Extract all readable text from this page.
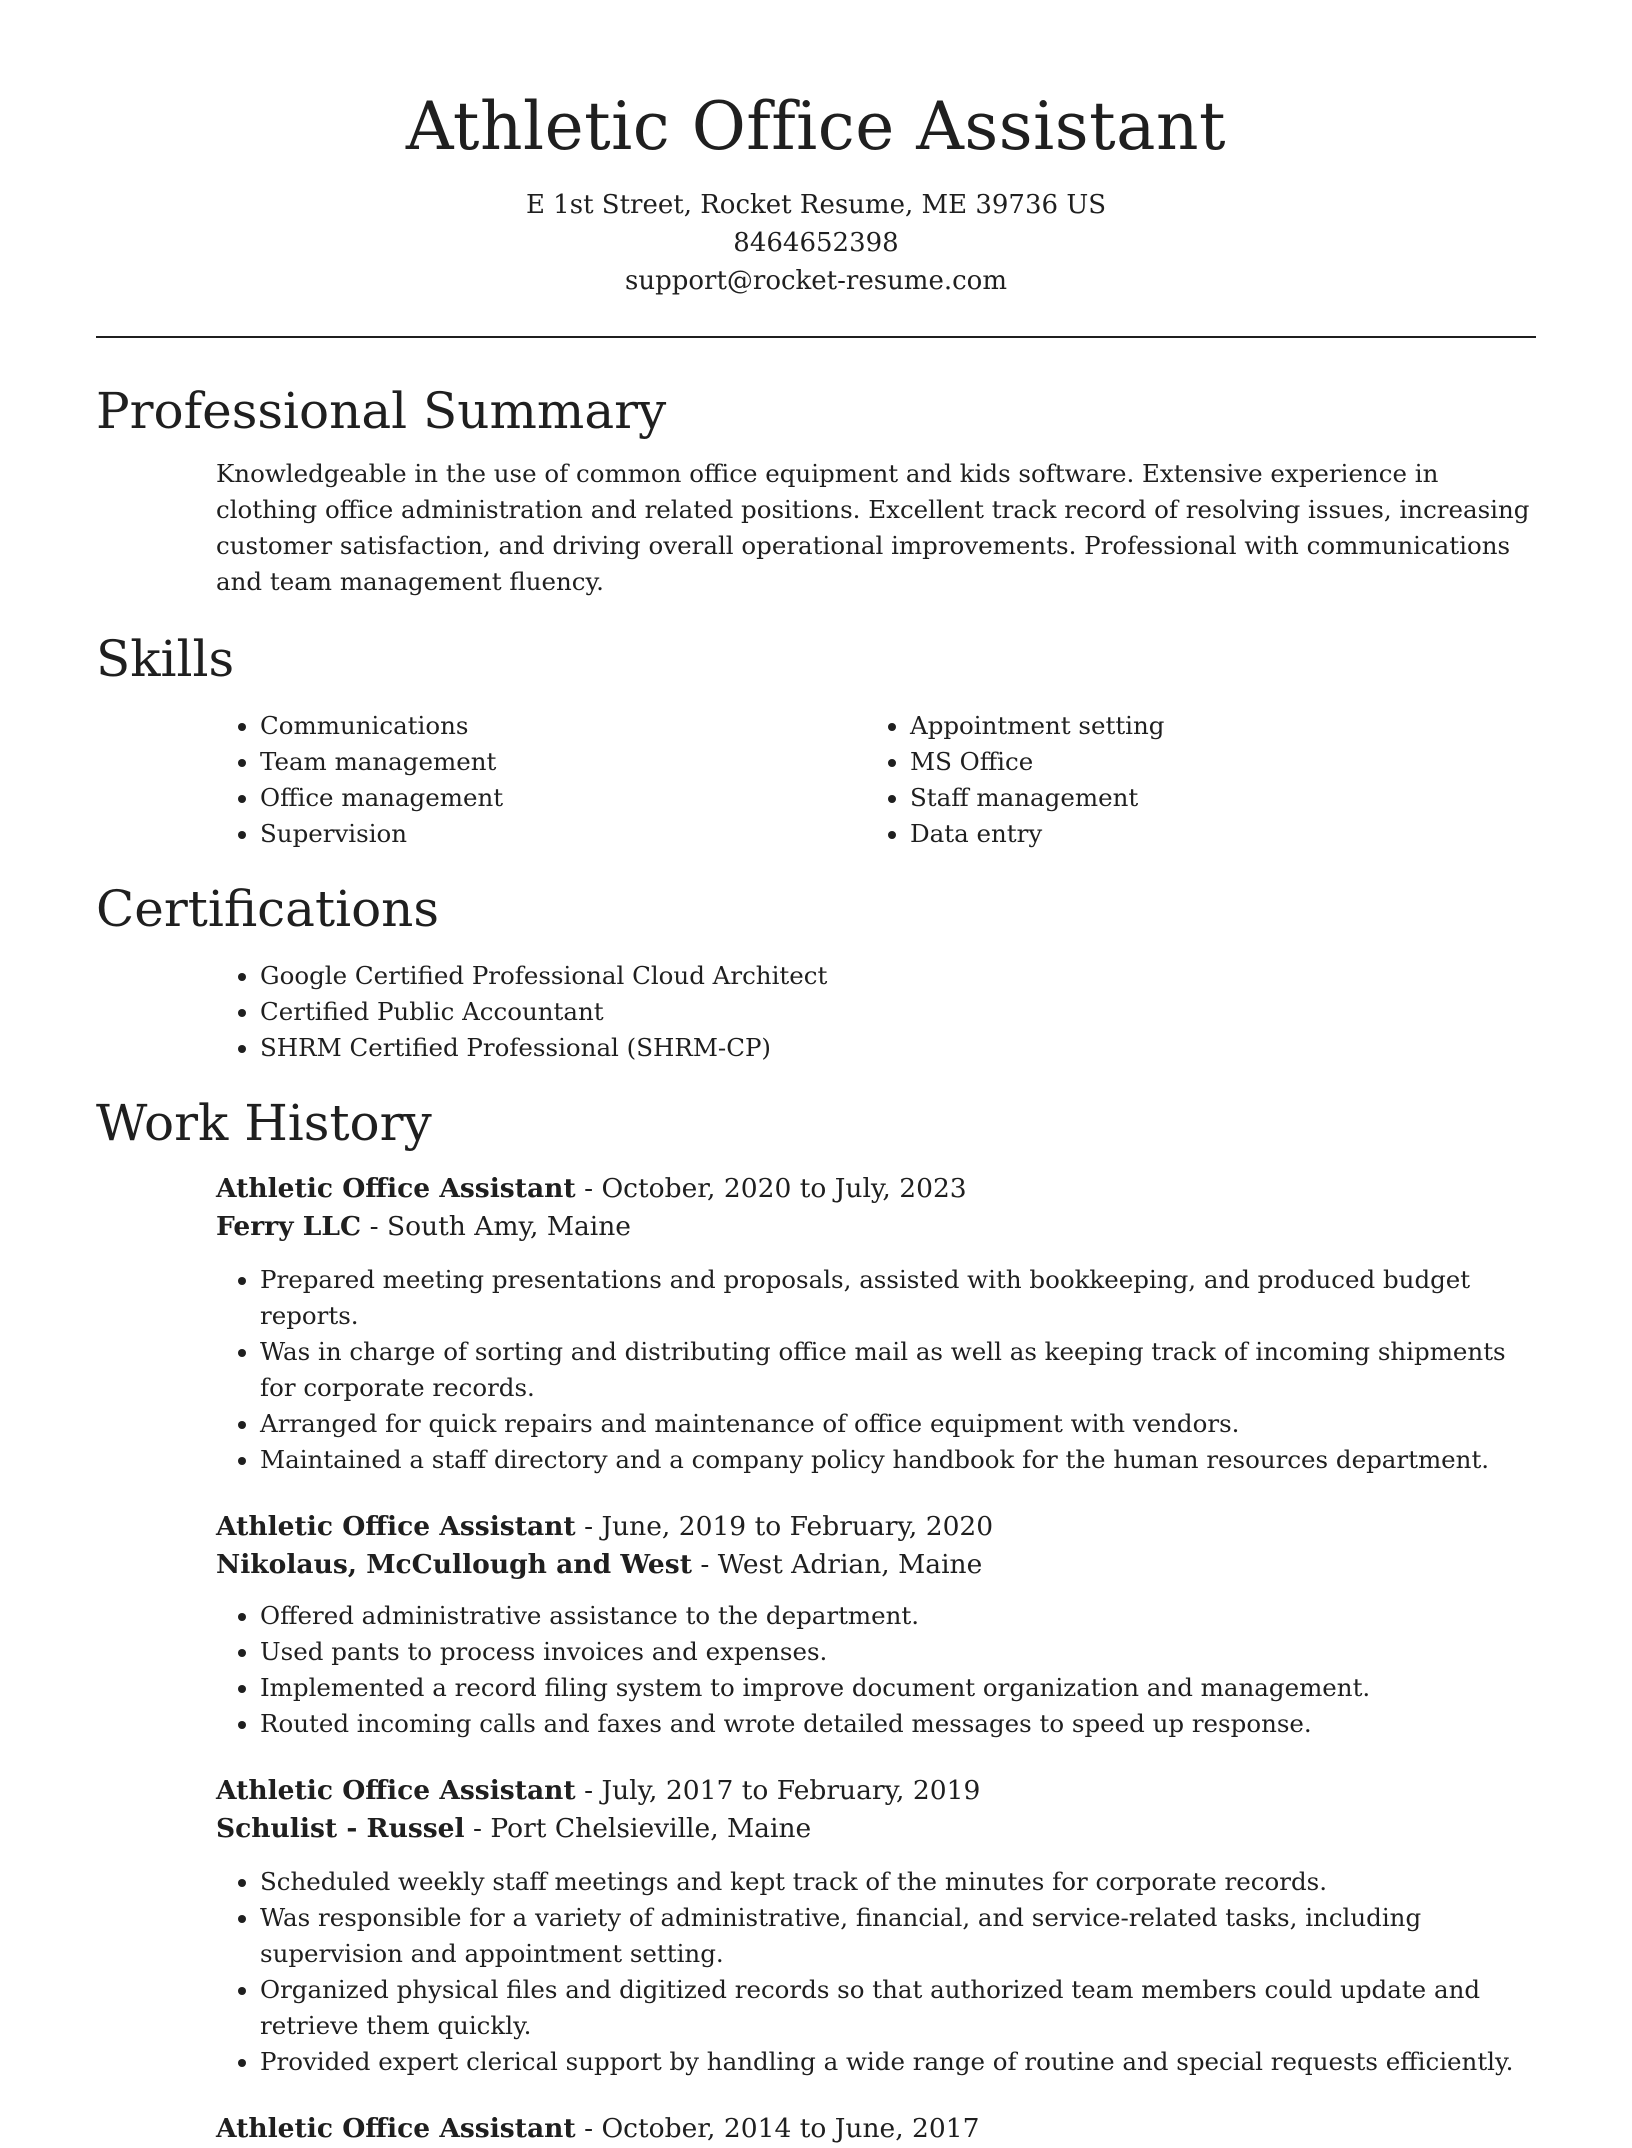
Athletic Office Assistant
E 1st Street, Rocket Resume, ME 39736 US
8464652398
support@rocket-resume.com
Professional Summary
Knowledgeable in the use of common office equipment and kids software. Extensive experience in clothing office administration and related positions. Excellent track record of resolving issues, increasing customer satisfaction, and driving overall operational improvements. Professional with communications and team management fluency.
Skills
• Communications
• Team management
• Office management
• Supervision
• Appointment setting
• MS Office
• Staff management
• Data entry
Certifications
• Google Certified Professional Cloud Architect
• Certified Public Accountant
• SHRM Certified Professional (SHRM-CP)
Work History
Athletic Office Assistant - October, 2020 to July, 2023
Ferry LLC - South Amy, Maine
• Prepared meeting presentations and proposals, assisted with bookkeeping, and produced budget reports.
• Was in charge of sorting and distributing office mail as well as keeping track of incoming shipments for corporate records.
• Arranged for quick repairs and maintenance of office equipment with vendors.
• Maintained a staff directory and a company policy handbook for the human resources department.
Athletic Office Assistant - June, 2019 to February, 2020
Nikolaus, McCullough and West - West Adrian, Maine
• Offered administrative assistance to the department.
• Used pants to process invoices and expenses.
• Implemented a record filing system to improve document organization and management.
• Routed incoming calls and faxes and wrote detailed messages to speed up response.
Athletic Office Assistant - July, 2017 to February, 2019
Schulist - Russel - Port Chelsieville, Maine
• Scheduled weekly staff meetings and kept track of the minutes for corporate records.
• Was responsible for a variety of administrative, financial, and service-related tasks, including supervision and appointment setting.
• Organized physical files and digitized records so that authorized team members could update and retrieve them quickly.
• Provided expert clerical support by handling a wide range of routine and special requests efficiently.
Athletic Office Assistant - October, 2014 to June, 2017
